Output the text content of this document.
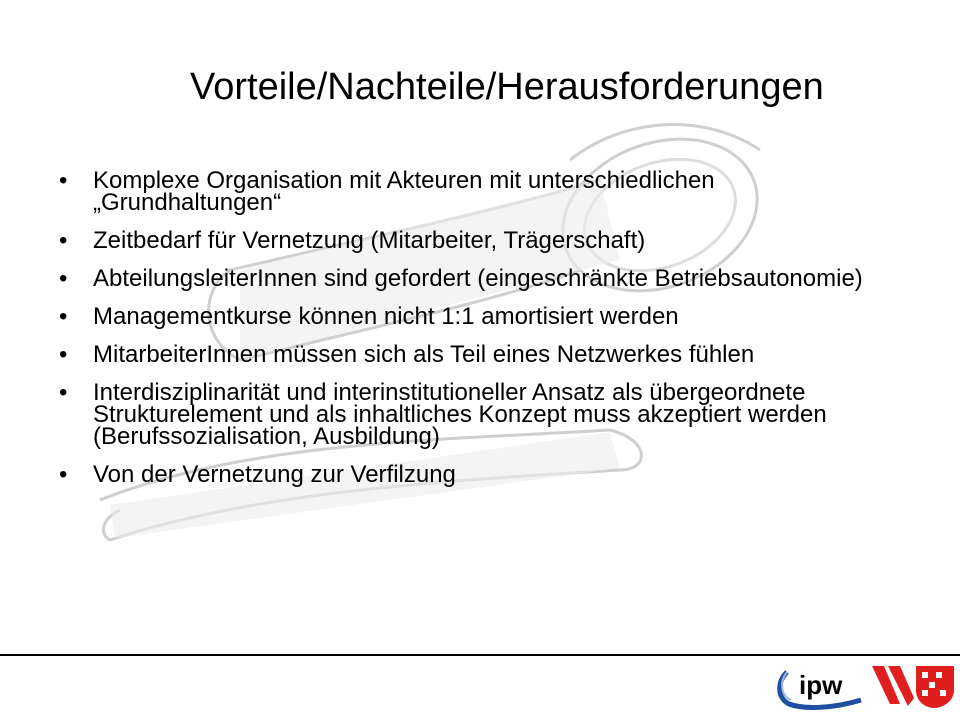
Vorteile/Nachteile/Herausforderungen
• Komplexe Organisation mit Akteuren mit unterschiedlichen „Grundhaltungen“
• Zeitbedarf für Vernetzung (Mitarbeiter, Trägerschaft)
• AbteilungsleiterInnen sind gefordert (eingeschränkte Betriebsautonomie)
• Managementkurse können nicht 1:1 amortisiert werden
• MitarbeiterInnen müssen sich als Teil eines Netzwerkes fühlen
• Interdisziplinarität und interinstitutioneller Ansatz als übergeordnete Strukturelement und als inhaltliches Konzept muss akzeptiert werden (Berufssozialisation, Ausbildung)
• Von der Vernetzung zur Verfilzung
ipw
